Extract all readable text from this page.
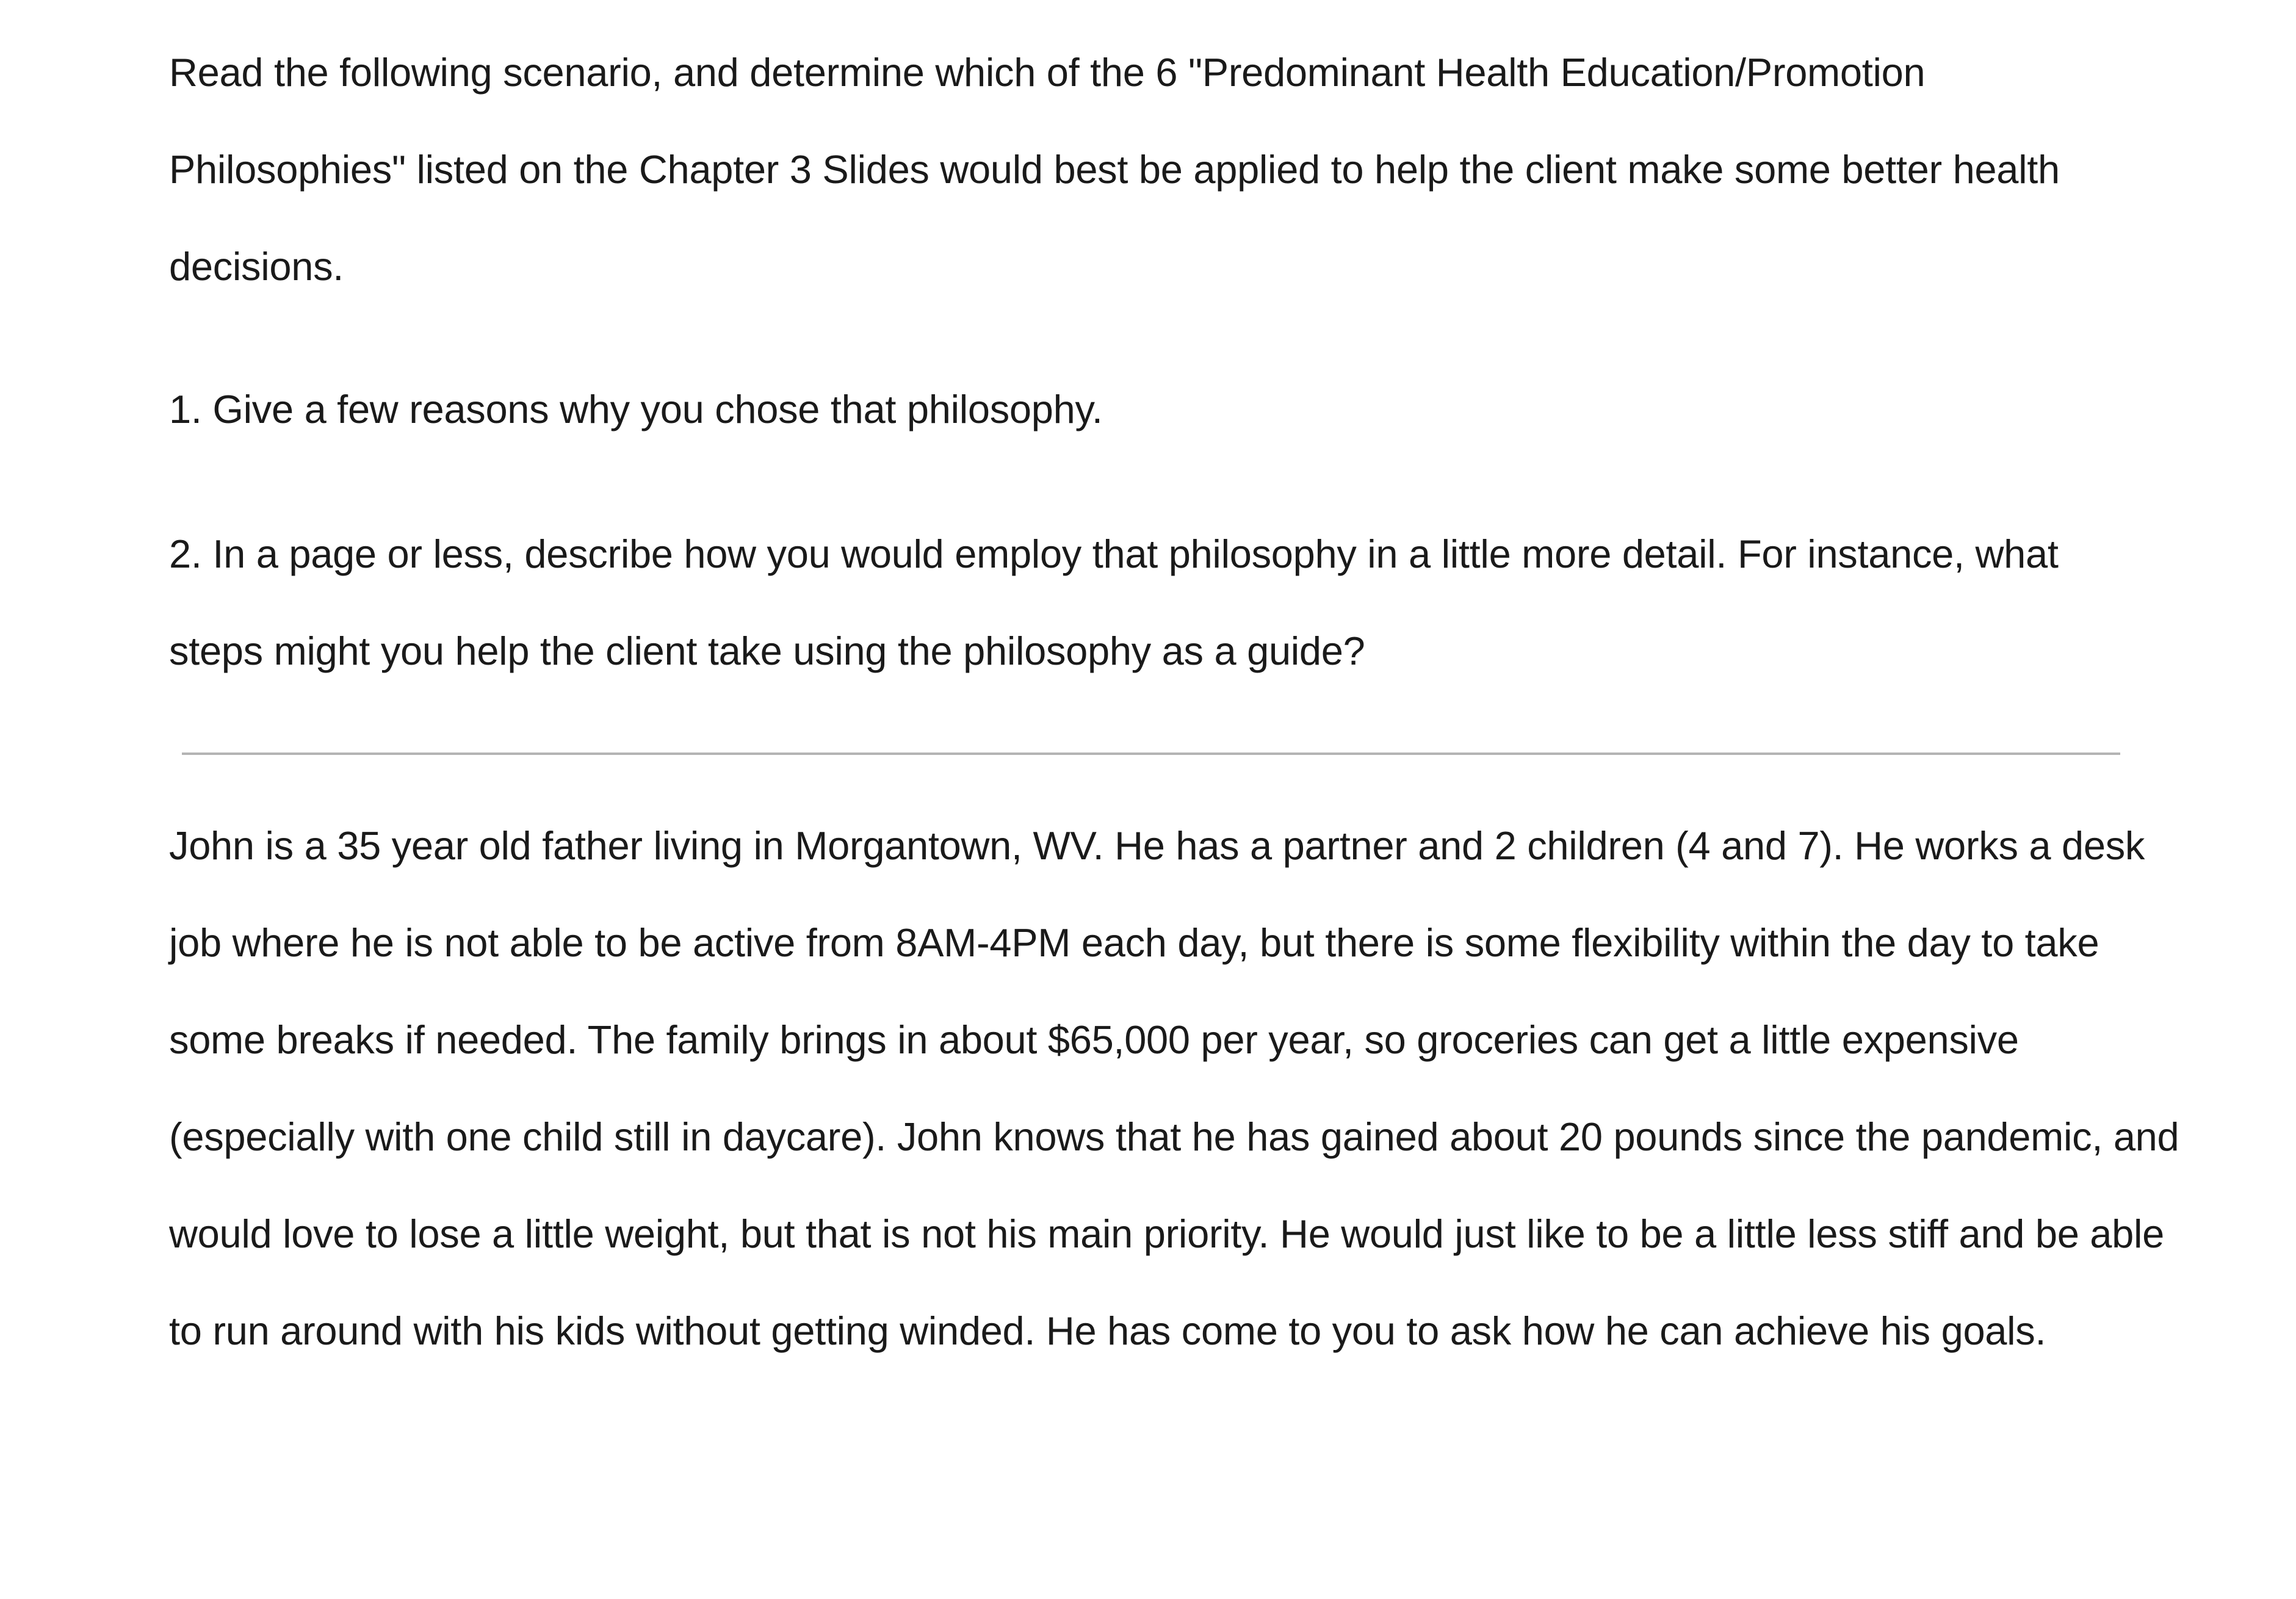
Read the following scenario, and determine which of the 6 "Predominant Health Education/Promotion Philosophies" listed on the Chapter 3 Slides would best be applied to help the client make some better health decisions.

1. Give a few reasons why you chose that philosophy.

2. In a page or less, describe how you would employ that philosophy in a little more detail. For instance, what steps might you help the client take using the philosophy as a guide?

John is a 35 year old father living in Morgantown, WV. He has a partner and 2 children (4 and 7). He works a desk job where he is not able to be active from 8AM-4PM each day, but there is some flexibility within the day to take some breaks if needed. The family brings in about $65,000 per year, so groceries can get a little expensive (especially with one child still in daycare). John knows that he has gained about 20 pounds since the pandemic, and would love to lose a little weight, but that is not his main priority. He would just like to be a little less stiff and be able to run around with his kids without getting winded. He has come to you to ask how he can achieve his goals.
